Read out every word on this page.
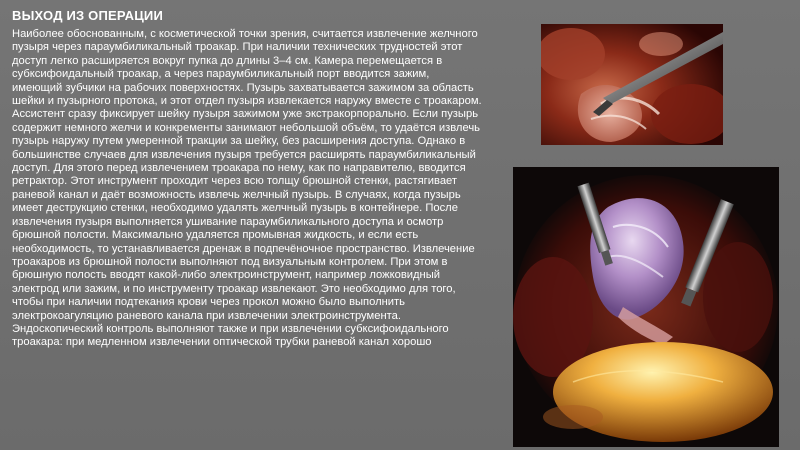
ВЫХОД ИЗ ОПЕРАЦИИ
Наиболее обоснованным, с косметической точки зрения, считается извлечение желчного пузыря через параумбиликальный троакар. При наличии технических трудностей этот доступ легко расширяется вокруг пупка до длины 3–4 см. Камера перемещается в субксифоидальный троакар, а через параумбиликальный порт вводится зажим, имеющий зубчики на рабочих поверхностях. Пузырь захватывается зажимом за область шейки и пузырного протока, и этот отдел пузыря извлекается наружу вместе с троакаром. Ассистент сразу фиксирует шейку пузыря зажимом уже экстракорпорально. Если пузырь содержит немного желчи и конкременты занимают небольшой объём, то удаётся извлечь пузырь наружу путем умеренной тракции за шейку, без расширения доступа. Однако в большинстве случаев для извлечения пузыря требуется расширять параумбиликальный доступ. Для этого перед извлечением троакара по нему, как по направителю, вводится ретрактор. Этот инструмент проходит через всю толщу брюшной стенки, растягивает раневой канал и даёт возможность извлечь желчный пузырь. В случаях, когда пузырь имеет деструкцию стенки, необходимо удалять желчный пузырь в контейнере. После извлечения пузыря выполняется ушивание параумбиликального доступа и осмотр брюшной полости. Максимально удаляется промывная жидкость, и если есть необходимость, то устанавливается дренаж в подпечёночное пространство. Извлечение троакаров из брюшной полости выполняют под визуальным контролем. При этом в брюшную полость вводят какой-либо электроинструмент, например ложковидный электрод или зажим, и по инструменту троакар извлекают. Это необходимо для того, чтобы при наличии подтекания крови через прокол можно было выполнить электрокоагуляцию раневого канала при извлечении электроинструмента. Эндоскопический контроль выполняют также и при извлечении субксифоидального троакара: при медленном извлечении оптической трубки раневой канал хорошо
